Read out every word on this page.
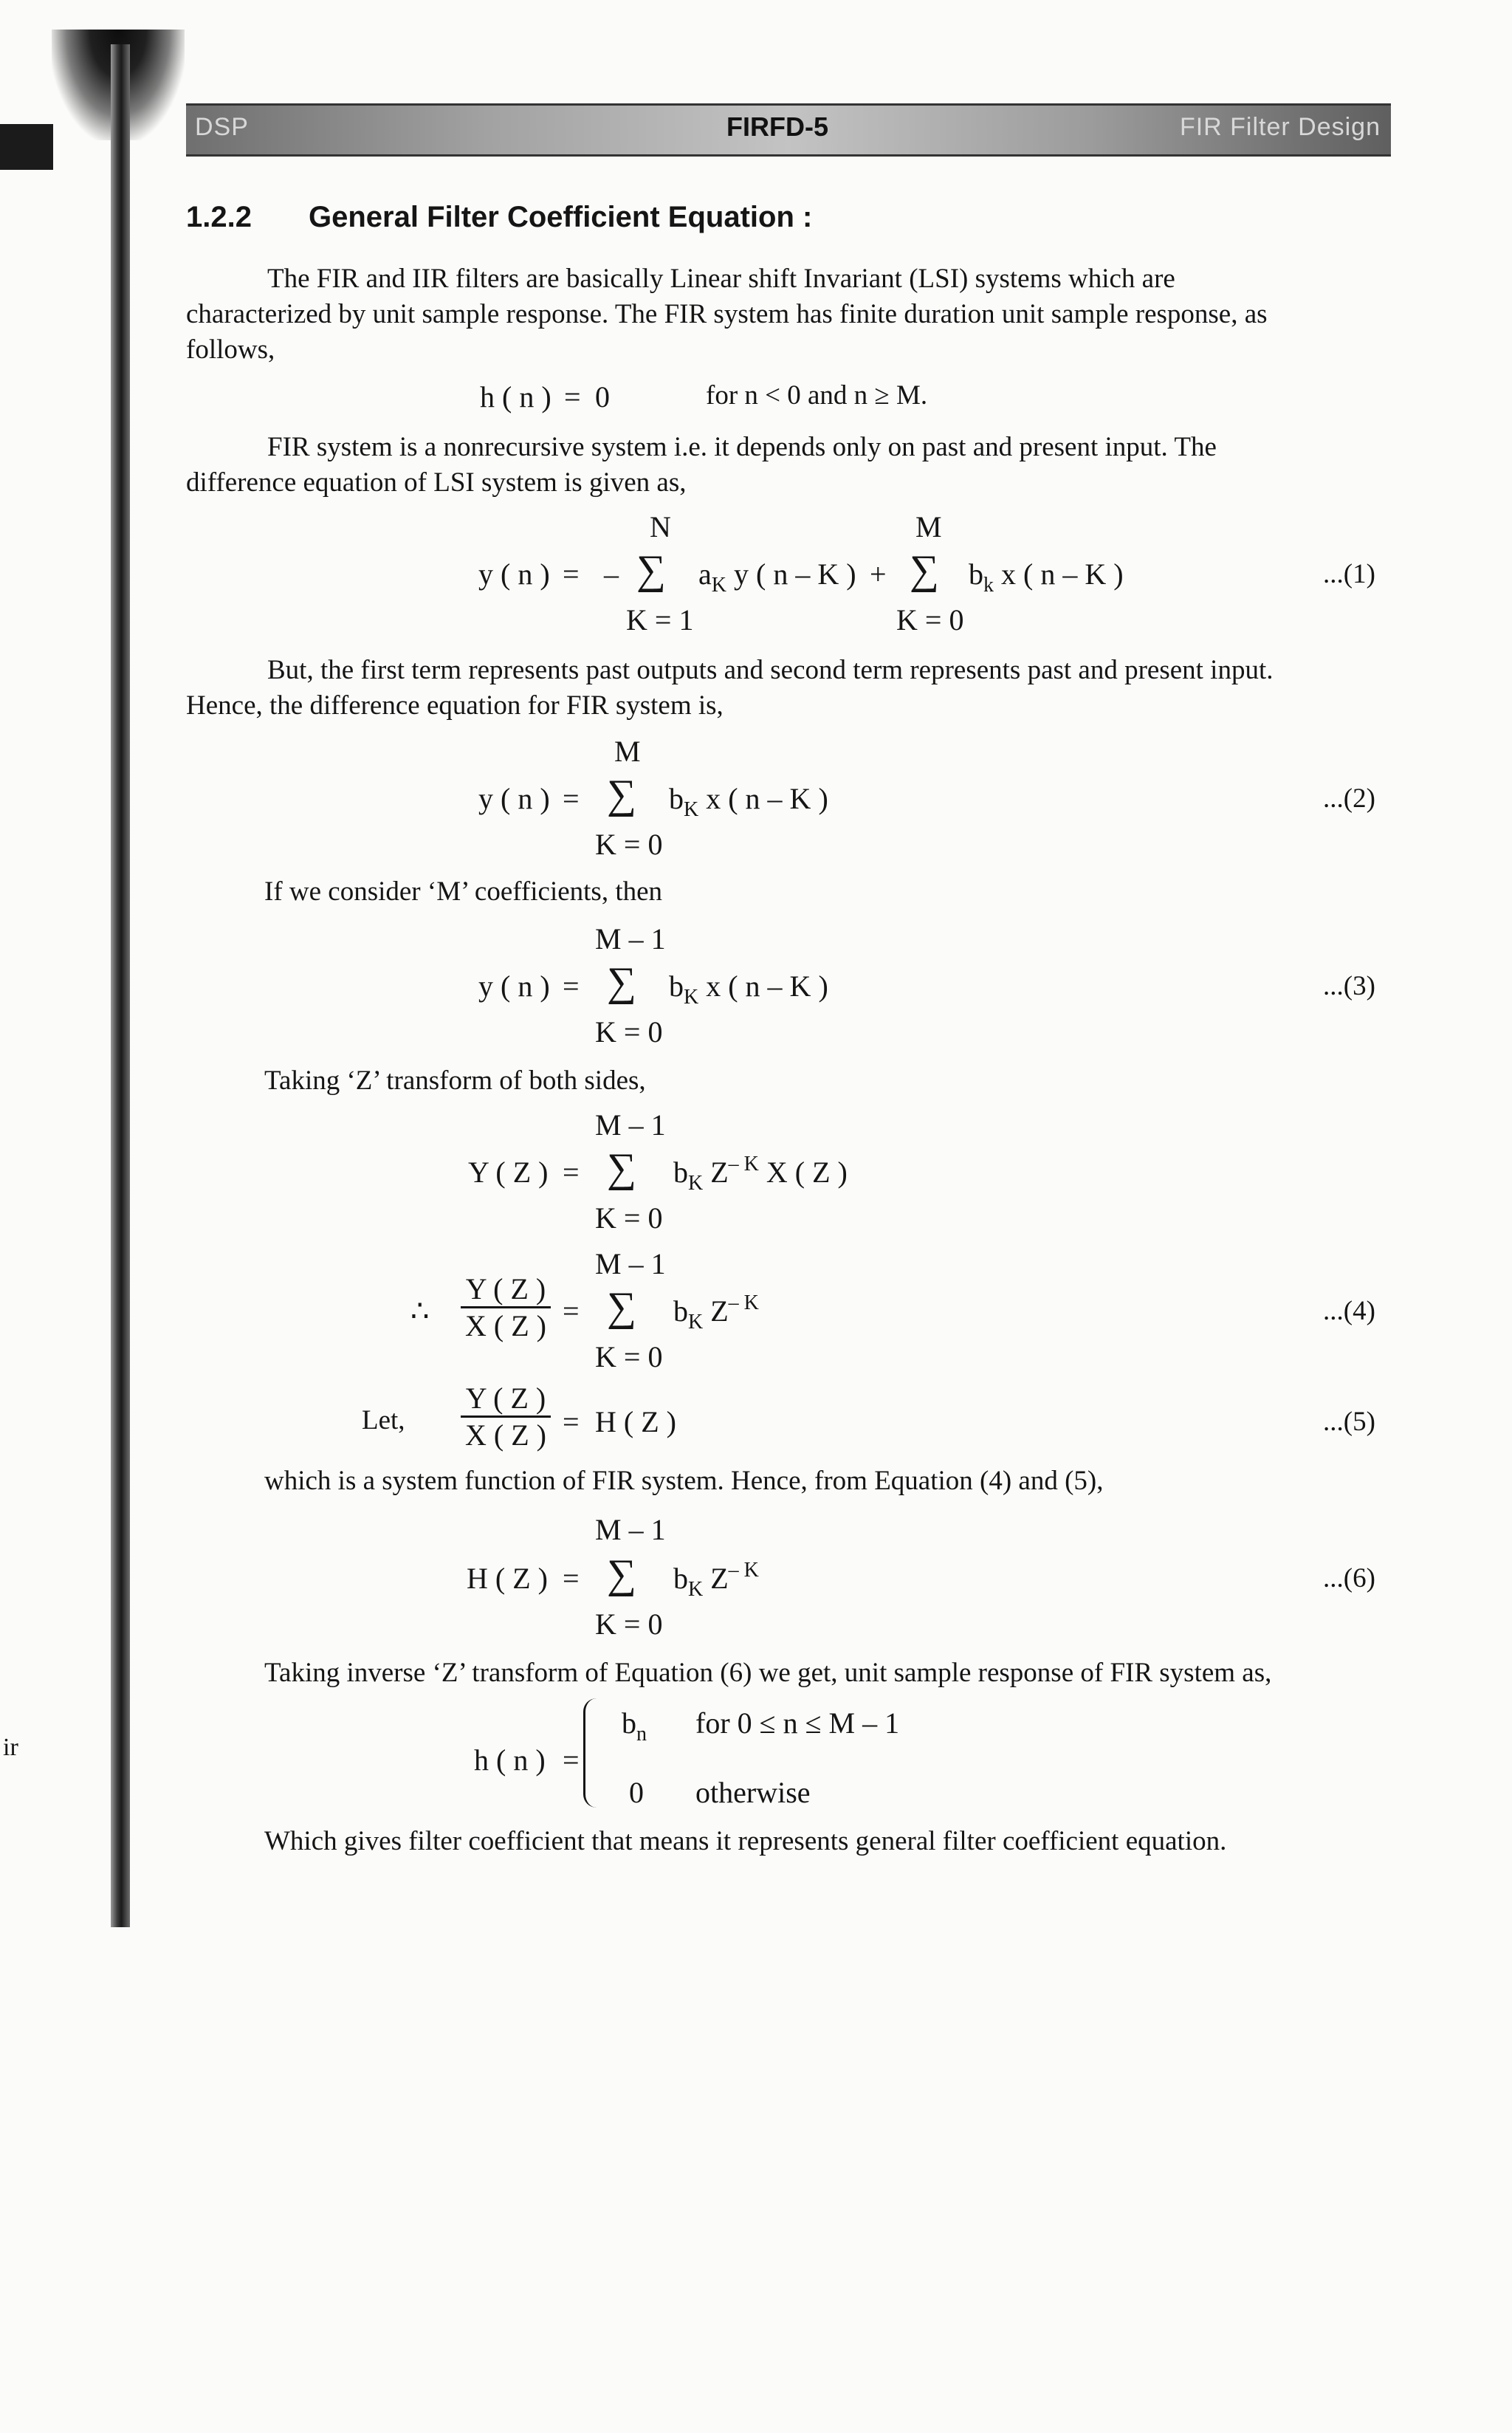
ir
DSP	FIRFD-5	FIR Filter Design
1.2.2 General Filter Coefficient Equation :
The FIR and IIR filters are basically Linear shift Invariant (LSI) systems which are
characterized by unit sample response. The FIR system has finite duration unit sample response, as
follows,
h ( n ) = 0	for n < 0 and n ≥ M.
FIR system is a nonrecursive system i.e. it depends only on past and present input. The
difference equation of LSI system is given as,
N	M
y ( n ) = – ∑ $a_K$ y ( n – K ) + ∑ $b_k$ x ( n – K )	...(1)
K = 1	K = 0
But, the first term represents past outputs and second term represents past and present input.
Hence, the difference equation for FIR system is,
M
y ( n ) = ∑ $b_K$ x ( n – K )	...(2)
K = 0
If we consider ‘M’ coefficients, then
M – 1
y ( n ) = ∑ $b_K$ x ( n – K )	...(3)
K = 0
Taking ‘Z’ transform of both sides,
M – 1
Y ( Z ) = ∑ $b_K$ $Z^{- K}$ X ( Z )
K = 0
M – 1
∴ $\frac{Y ( Z )}{X ( Z )}$ = ∑ $b_K$ $Z^{- K}$	...(4)
K = 0
Let, $\frac{Y ( Z )}{X ( Z )} = H$ ( Z )	...(5)
which is a system function of FIR system. Hence, from Equation (4) and (5),
M – 1
H ( Z ) = ∑ $b_K$ $Z^{- K}$	...(6)
K = 0
Taking inverse ‘Z’ transform of Equation (6) we get, unit sample response of FIR system as,
h ( n ) =
$b_n$ for 0 ≤ n ≤ M – 1
0 otherwise
Which gives filter coefficient that means it represents general filter coefficient equation.
